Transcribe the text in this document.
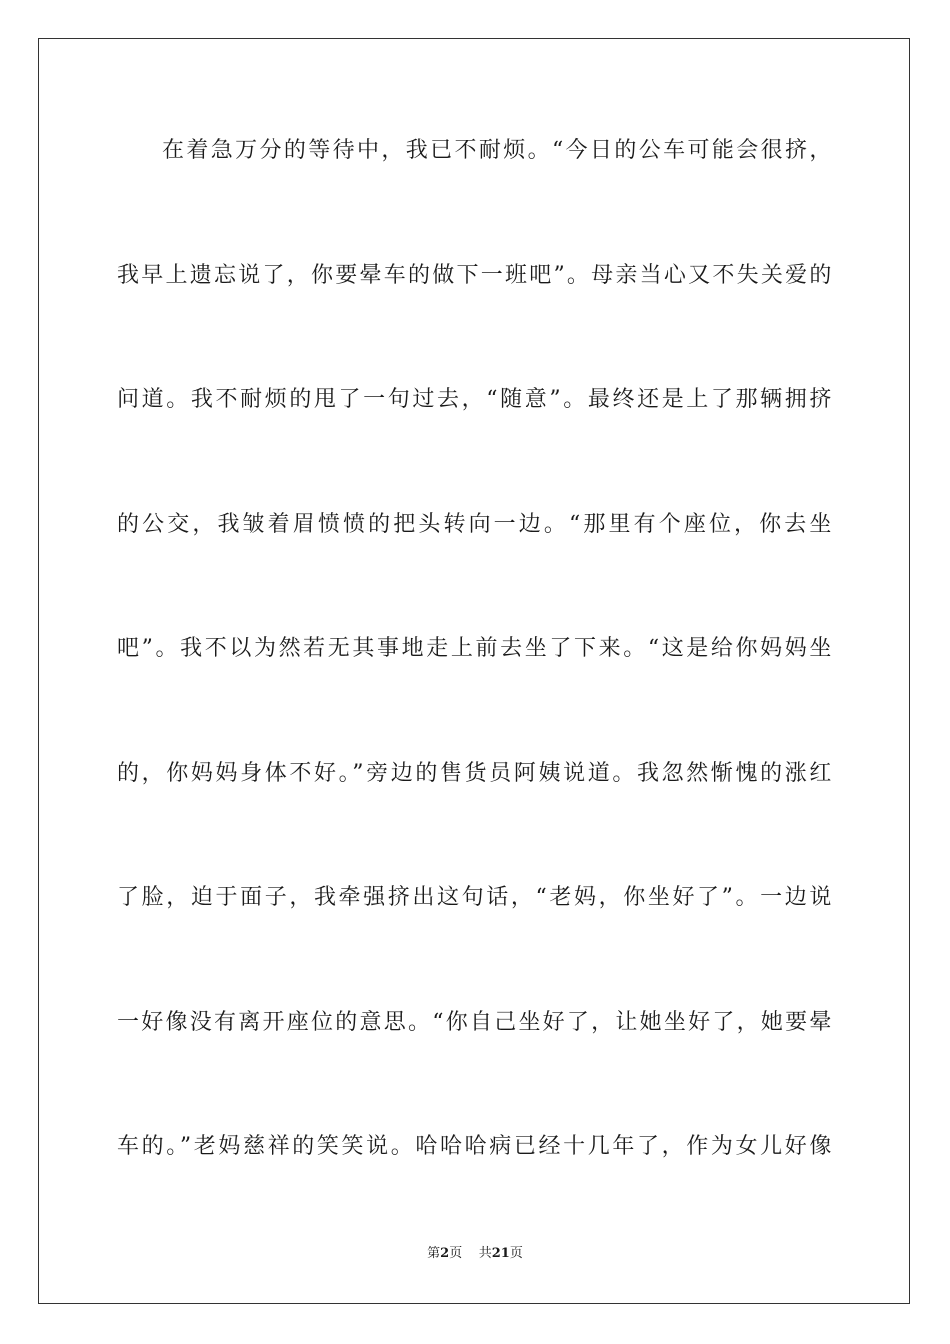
在着急万分的等待中，我已不耐烦。“今日的公车可能会很挤，
我早上遗忘说了，你要晕车的做下一班吧”。母亲当心又不失关爱的
问道。我不耐烦的甩了一句过去，“随意”。最终还是上了那辆拥挤
的公交，我皱着眉愤愤的把头转向一边。“那里有个座位，你去坐
吧”。我不以为然若无其事地走上前去坐了下来。“这是给你妈妈坐
的，你妈妈身体不好。”旁边的售货员阿姨说道。我忽然惭愧的涨红
了脸，迫于面子，我牵强挤出这句话，“老妈，你坐好了”。一边说
一好像没有离开座位的意思。“你自己坐好了，让她坐好了，她要晕
车的。”老妈慈祥的笑笑说。哈哈哈病已经十几年了，作为女儿好像
第2页 共21页
